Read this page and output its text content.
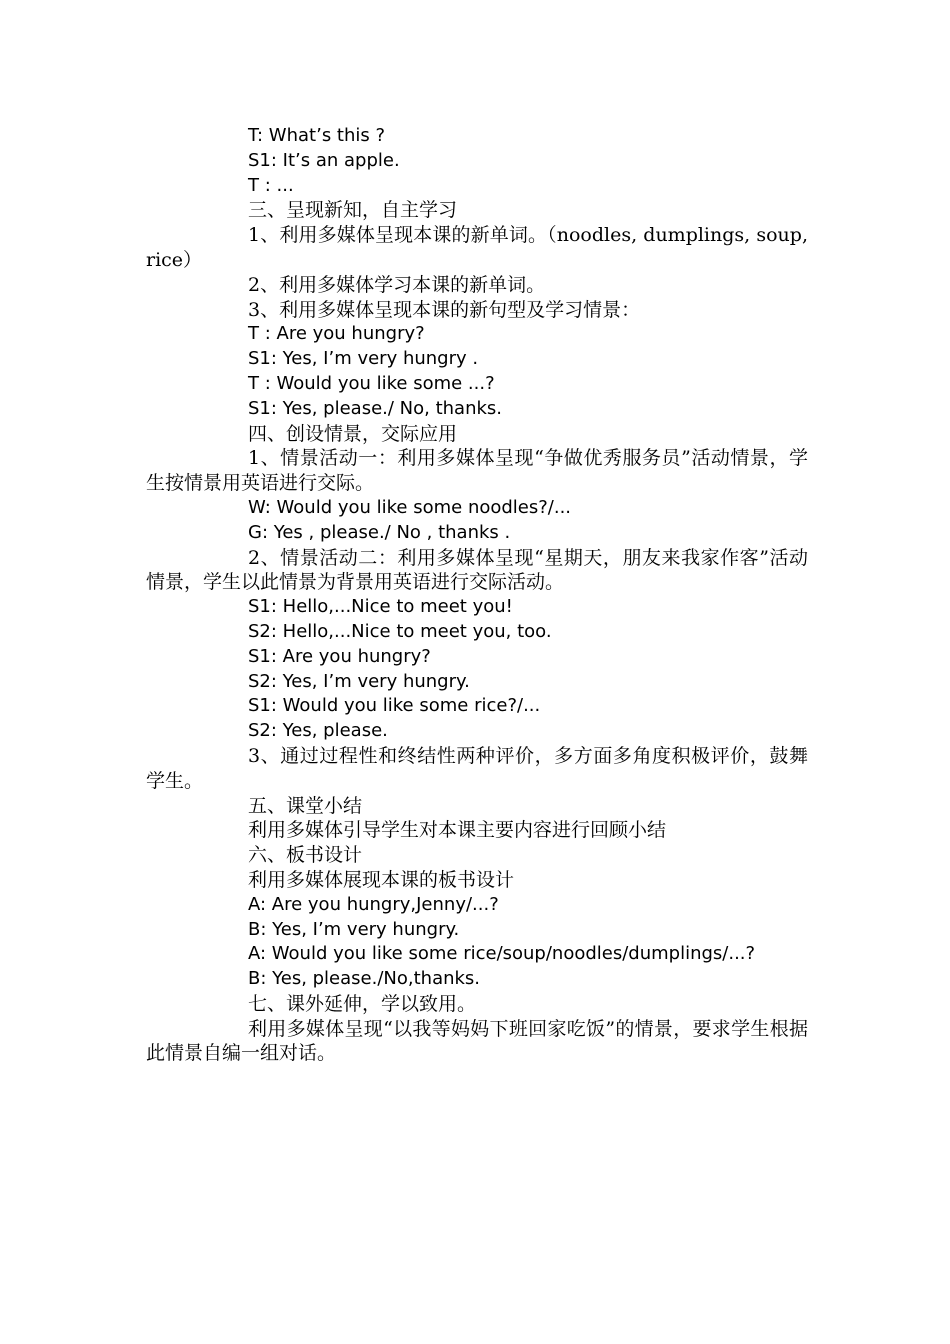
T: What’s this ?
S1: It’s an apple.
T : ...
三、呈现新知，自主学习
1、利用多媒体呈现本课的新单词。（noodles, dumplings, soup, rice）
2、利用多媒体学习本课的新单词。
3、利用多媒体呈现本课的新句型及学习情景：
T : Are you hungry?
S1: Yes, I’m very hungry .
T : Would you like some ...?
S1: Yes, please./ No, thanks.
四、创设情景，交际应用
1、情景活动一：利用多媒体呈现“争做优秀服务员”活动情景，学生按情景用英语进行交际。
W: Would you like some noodles?/...
G: Yes , please./ No , thanks .
2、情景活动二：利用多媒体呈现“星期天，朋友来我家作客”活动情景，学生以此情景为背景用英语进行交际活动。
S1: Hello,...Nice to meet you!
S2: Hello,...Nice to meet you, too.
S1: Are you hungry?
S2: Yes, I’m very hungry.
S1: Would you like some rice?/...
S2: Yes, please.
3、通过过程性和终结性两种评价，多方面多角度积极评价，鼓舞学生。
五、课堂小结
利用多媒体引导学生对本课主要内容进行回顾小结
六、板书设计
利用多媒体展现本课的板书设计
A: Are you hungry,Jenny/...?
B: Yes, I’m very hungry.
A: Would you like some rice/soup/noodles/dumplings/...?
B: Yes, please./No,thanks.
七、课外延伸，学以致用。
利用多媒体呈现“以我等妈妈下班回家吃饭”的情景，要求学生根据此情景自编一组对话。
